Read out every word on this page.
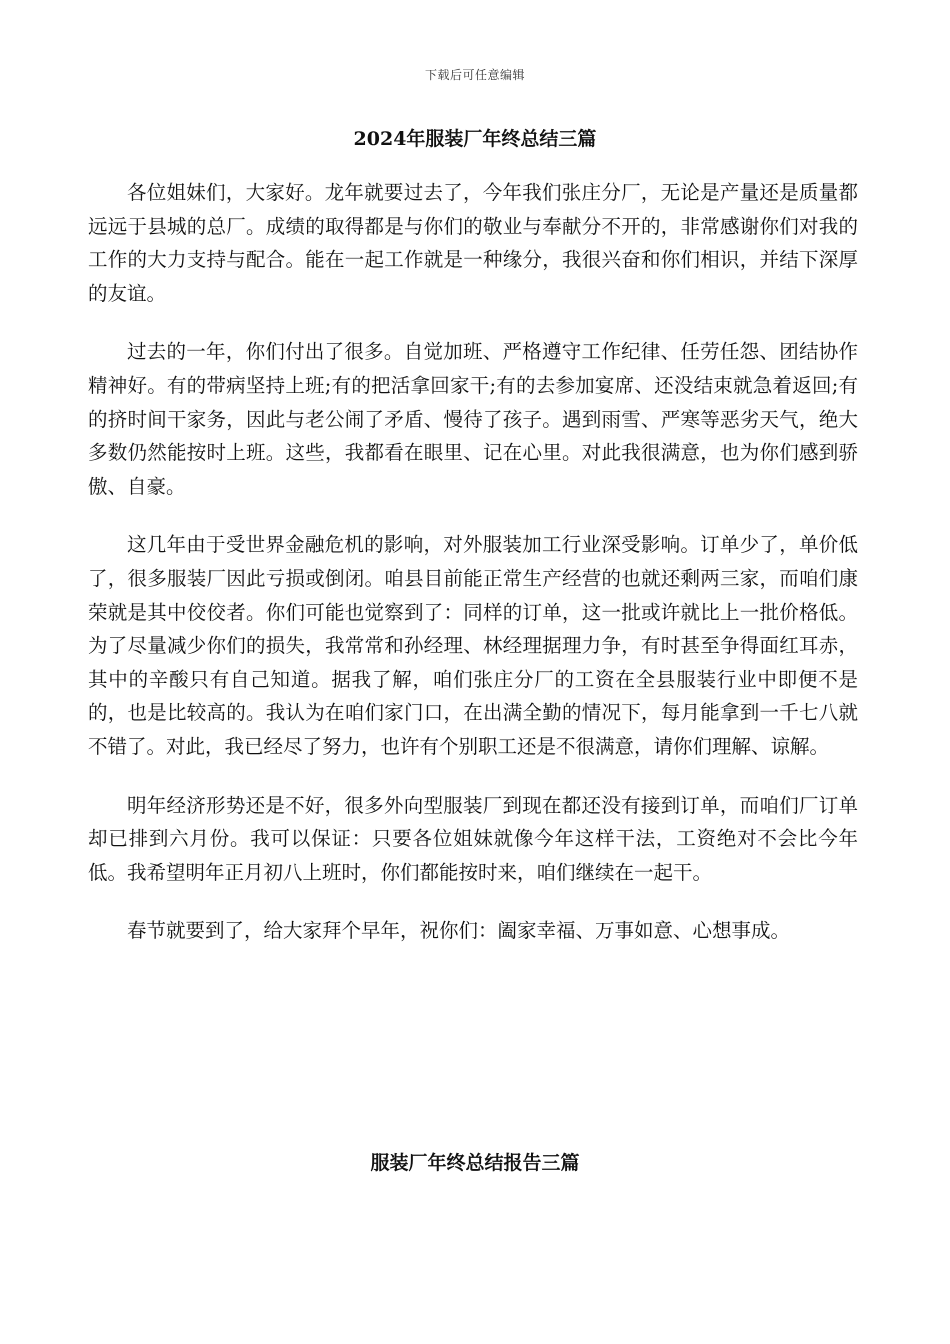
下载后可任意编辑
2024年服装厂年终总结三篇

各位姐妹们，大家好。龙年就要过去了，今年我们张庄分厂，无论是产量还是质量都远远于县城的总厂。成绩的取得都是与你们的敬业与奉献分不开的，非常感谢你们对我的工作的大力支持与配合。能在一起工作就是一种缘分，我很兴奋和你们相识，并结下深厚的友谊。

过去的一年，你们付出了很多。自觉加班、严格遵守工作纪律、任劳任怨、团结协作精神好。有的带病坚持上班;有的把活拿回家干;有的去参加宴席、还没结束就急着返回;有的挤时间干家务，因此与老公闹了矛盾、慢待了孩子。遇到雨雪、严寒等恶劣天气，绝大多数仍然能按时上班。这些，我都看在眼里、记在心里。对此我很满意，也为你们感到骄傲、自豪。

这几年由于受世界金融危机的影响，对外服装加工行业深受影响。订单少了，单价低了，很多服装厂因此亏损或倒闭。咱县目前能正常生产经营的也就还剩两三家，而咱们康荣就是其中佼佼者。你们可能也觉察到了：同样的订单，这一批或许就比上一批价格低。为了尽量减少你们的损失，我常常和孙经理、林经理据理力争，有时甚至争得面红耳赤，其中的辛酸只有自己知道。据我了解，咱们张庄分厂的工资在全县服装行业中即便不是的，也是比较高的。我认为在咱们家门口，在出满全勤的情况下，每月能拿到一千七八就不错了。对此，我已经尽了努力，也许有个别职工还是不很满意，请你们理解、谅解。

明年经济形势还是不好，很多外向型服装厂到现在都还没有接到订单，而咱们厂订单却已排到六月份。我可以保证：只要各位姐妹就像今年这样干法，工资绝对不会比今年低。我希望明年正月初八上班时，你们都能按时来，咱们继续在一起干。

春节就要到了，给大家拜个早年，祝你们：阖家幸福、万事如意、心想事成。

服装厂年终总结报告三篇
